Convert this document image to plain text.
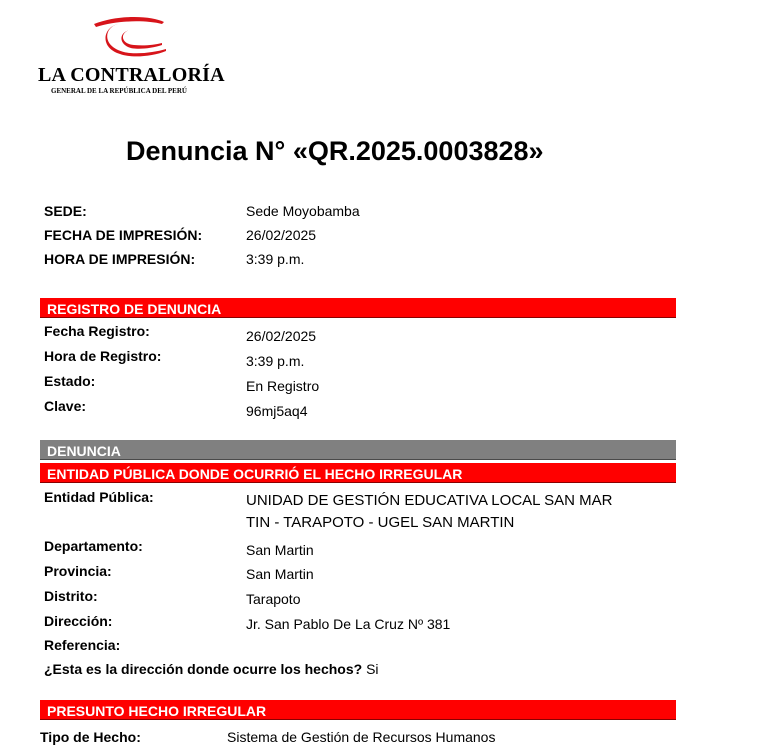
LA CONTRALORÍA
GENERAL DE LA REPÚBLICA DEL PERÚ
Denuncia N° «QR.2025.0003828»
SEDE:	Sede Moyobamba
FECHA DE IMPRESIÓN:	26/02/2025
HORA DE IMPRESIÓN:	3:39 p.m.
REGISTRO DE DENUNCIA
Fecha Registro:	26/02/2025
Hora de Registro:	3:39 p.m.
Estado:	En Registro
Clave:	96mj5aq4
DENUNCIA
ENTIDAD PÚBLICA DONDE OCURRIÓ EL HECHO IRREGULAR
Entidad Pública:	UNIDAD DE GESTIÓN EDUCATIVA LOCAL SAN MAR TIN - TARAPOTO - UGEL SAN MARTIN
Departamento:	San Martin
Provincia:	San Martin
Distrito:	Tarapoto
Dirección:	Jr. San Pablo De La Cruz Nº 381
Referencia:
¿Esta es la dirección donde ocurre los hechos? Si
PRESUNTO HECHO IRREGULAR
Tipo de Hecho:	Sistema de Gestión de Recursos Humanos
